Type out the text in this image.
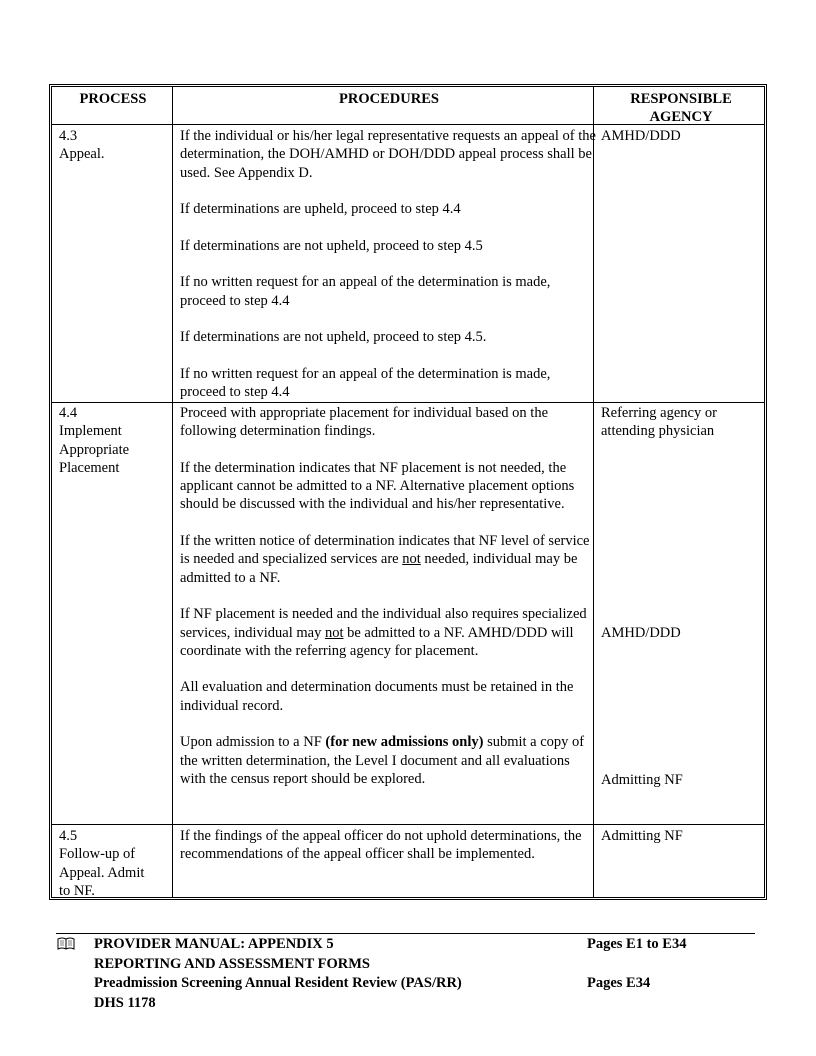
PROCESS	PROCEDURES	RESPONSIBLE
AGENCY
4.3
Appeal.

If the individual or his/her legal representative requests an appeal of the determination, the DOH/AMHD or DOH/DDD appeal process shall be used. See Appendix D.

If determinations are upheld, proceed to step 4.4

If determinations are not upheld, proceed to step 4.5

If no written request for an appeal of the determination is made, proceed to step 4.4

If determinations are not upheld, proceed to step 4.5.

If no written request for an appeal of the determination is made, proceed to step 4.4

AMHD/DDD
4.4
Implement
Appropriate
Placement

Proceed with appropriate placement for individual based on the following determination findings.

If the determination indicates that NF placement is not needed, the applicant cannot be admitted to a NF. Alternative placement options should be discussed with the individual and his/her representative.

If the written notice of determination indicates that NF level of service is needed and specialized services are not needed, individual may be admitted to a NF.

If NF placement is needed and the individual also requires specialized services, individual may not be admitted to a NF. AMHD/DDD will coordinate with the referring agency for placement.

All evaluation and determination documents must be retained in the individual record.

Upon admission to a NF (for new admissions only) submit a copy of the written determination, the Level I document and all evaluations with the census report should be explored.

Referring agency or
attending physician
AMHD/DDD
Admitting NF
4.5
Follow-up of
Appeal. Admit
to NF.

If the findings of the appeal officer do not uphold determinations, the recommendations of the appeal officer shall be implemented.

Admitting NF
PROVIDER MANUAL: APPENDIX 5
REPORTING AND ASSESSMENT FORMS
Preadmission Screening Annual Resident Review (PAS/RR)
DHS 1178
Pages E1 to E34
Pages E34
